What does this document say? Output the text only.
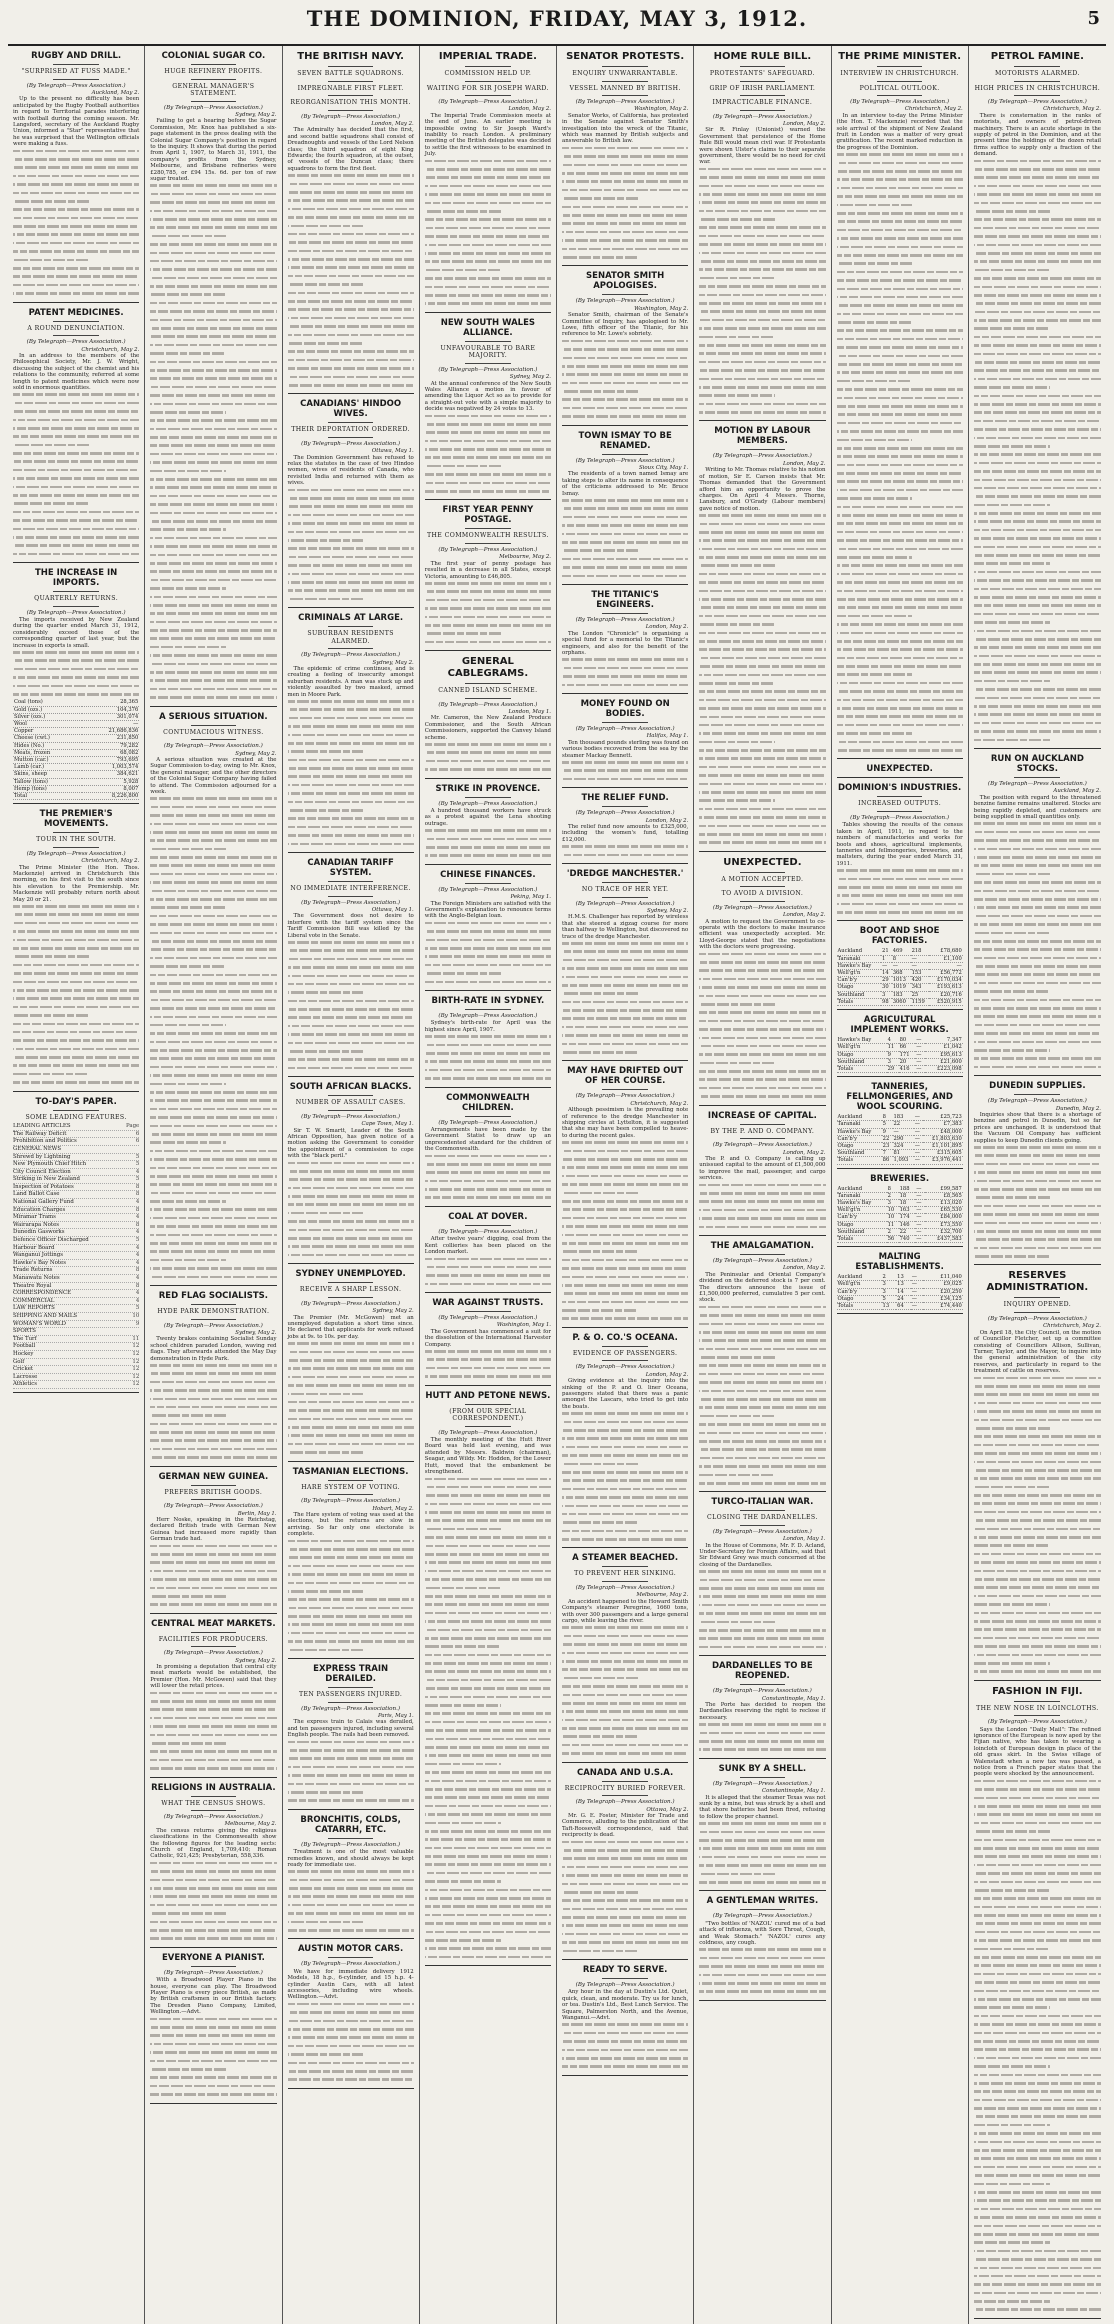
THE DOMINION, FRIDAY, MAY 3, 1912.	5
RUGBY AND DRILL.
"SURPRISED AT FUSS MADE."
(By Telegraph—Press Association.)
Auckland, May 2.
Up to the present no difficulty has been anticipated by the Rugby Football authorities in regard to Territorial parades interfering with football during the coming season. Mr. Langsford, secretary of the Auckland Rugby Union, informed a "Star" representative that he was surprised that the Wellington officials were making a fuss.
PATENT MEDICINES.
A ROUND DENUNCIATION.
(By Telegraph—Press Association.)
Christchurch, May 2.
In an address to the members of the Philosophical Society, Mr. J. W. Wright, discussing the subject of the chemist and his relations to the community, referred at some length to patent medicines which were now sold in enormous quantities.
THE INCREASE IN IMPORTS.
QUARTERLY RETURNS.
(By Telegraph—Press Association.)
The imports received by New Zealand during the quarter ended March 31, 1912, considerably exceed those of the corresponding quarter of last year, but the increase in exports is small.
Coal (tons)	28,365
Gold (ozs.)	104,376
Silver (ozs.)	301,074
Wool	—
Copper	21,686,836
Cheese (cwt.)	231,850
Hides (No.)	79,282
Meats, frozen	68,082
Mutton (car.)	793,695
Lamb (car.)	1,003,574
Skins, sheep	384,621
Tallow (tons)	5,928
Hemp (tons)	8,007
Total	8,226,800
THE PREMIER'S MOVEMENTS.
TOUR IN THE SOUTH.
(By Telegraph—Press Association.)
Christchurch, May 2.
The Prime Minister (the Hon. Thos. Mackenzie) arrived in Christchurch this morning, on his first visit to the south since his elevation to the Premiership. Mr. Mackenzie will probably return north about May 20 or 21.
TO-DAY'S PAPER.
SOME LEADING FEATURES.
LEADING ARTICLES	Page
The Railway Deficit	6
Prohibition and Politics	6
GENERAL NEWS
Shrewd by Lightning	5
New Plymouth Chief Hitch	5
City Council Election	4
Striking in New Zealand	5
Inspection of Potatoes	8
Land Ballot Case	8
National Gallery Fund	4
Education Charges	8
Miramar Trams	4
Wairarapa Notes	8
Dunedin Gasworks	4
Defence Officer Discharged	5
Harbour Board	4
Wanganui Jottings	4
Hawke's Bay Notes	4
Trade Returns	8
Manawatu Notes	4
Theatre Royal	8
CORRESPONDENCE	4
COMMERCIAL	4
LAW REPORTS	5
SHIPPING AND MAILS	10
WOMAN'S WORLD	9
SPORTS
The Turf	11
Football	12
Hockey	12
Golf	12
Cricket	12
Lacrosse	12
Athletics	12
COLONIAL SUGAR CO.
HUGE REFINERY PROFITS.
GENERAL MANAGER'S STATEMENT.
(By Telegraph—Press Association.)
Sydney, May 2.
Failing to get a hearing before the Sugar Commission, Mr. Knox has published a six-page statement in the press dealing with the Colonial Sugar Company's position in regard to the inquiry. It shows that during the period from April 1, 1907, to March 31, 1911, the company's profits from the Sydney, Melbourne, and Brisbane refineries were £280,785, or £94 15s. 6d. per ton of raw sugar treated.
A SERIOUS SITUATION.
CONTUMACIOUS WITNESS.
(By Telegraph—Press Association.)
Sydney, May 2.
A serious situation was created at the Sugar Commission to-day, owing to Mr. Knox, the general manager, and the other directors of the Colonial Sugar Company having failed to attend. The Commission adjourned for a week.
RED FLAG SOCIALISTS.
HYDE PARK DEMONSTRATION.
(By Telegraph—Press Association.)
Sydney, May 2.
Twenty brakes containing Socialist Sunday school children paraded London, waving red flags. They afterwards attended the May Day demonstration in Hyde Park.
GERMAN NEW GUINEA.
PREFERS BRITISH GOODS.
(By Telegraph—Press Association.)
Berlin, May 1.
Herr Noske, speaking in the Reichstag, declared British trade with German New Guinea had increased more rapidly than German trade had.
CENTRAL MEAT MARKETS.
FACILITIES FOR PRODUCERS.
(By Telegraph—Press Association.)
Sydney, May 2.
In promising a deputation that central city meat markets would be established, the Premier (Hon. Mr. McGowen) said that they will lower the retail prices.
RELIGIONS IN AUSTRALIA.
WHAT THE CENSUS SHOWS.
(By Telegraph—Press Association.)
Melbourne, May 2.
The census returns giving the religious classifications in the Commonwealth show the following figures for the leading sects: Church of England, 1,709,410; Roman Catholic, 921,425; Presbyterian, 558,336.
EVERYONE A PIANIST.
(By Telegraph—Press Association.)
With a Broadwood Player Piano in the house, everyone can play. The Broadwood Player Piano is every piece British, as made by British craftsmen in our British factory. The Dresden Piano Company, Limited, Wellington.—Advt.
THE BRITISH NAVY.
SEVEN BATTLE SQUADRONS.
IMPREGNABLE FIRST FLEET.
REORGANISATION THIS MONTH.
(By Telegraph—Press Association.)
London, May 2.
The Admiralty has decided that the first, and second battle squadrons shall consist of Dreadnoughts and vessels of the Lord Nelson class; the third squadron of eight King Edwards; the fourth squadron, at the outset, of vessels of the Duncan class; there squadrons to form the first fleet.
CANADIANS' HINDOO WIVES.
THEIR DEPORTATION ORDERED.
(By Telegraph—Press Association.)
Ottawa, May 1.
The Dominion Government has refused to relax the statutes in the case of two Hindoo women, wives of residents of Canada, who revisited India and returned with them as wives.
CRIMINALS AT LARGE.
SUBURBAN RESIDENTS ALARMED.
(By Telegraph—Press Association.)
Sydney, May 2.
The epidemic of crime continues, and is creating a feeling of insecurity amongst suburban residents. A man was stuck up and violently assaulted by two masked, armed men in Moore Park.
CANADIAN TARIFF SYSTEM.
NO IMMEDIATE INTERFERENCE.
(By Telegraph—Press Association.)
Ottawa, May 1.
The Government does not desire to interfere with the tariff system since the Tariff Commission Bill was killed by the Liberal vote in the Senate.
SOUTH AFRICAN BLACKS.
NUMBER OF ASSAULT CASES.
(By Telegraph—Press Association.)
Cape Town, May 1.
Sir T. W. Smartt, Leader of the South African Opposition, has given notice of a motion asking the Government to consider the appointment of a commission to cope with the "black peril."
SYDNEY UNEMPLOYED.
RECEIVE A SHARP LESSON.
(By Telegraph—Press Association.)
Sydney, May 2.
The Premier (Mr. McGowen) met an unemployed deputation a short time since. He declared that applicants for work refused jobs at 9s. to 10s. per day.
TASMANIAN ELECTIONS.
HARE SYSTEM OF VOTING.
(By Telegraph—Press Association.)
Hobart, May 2.
The Hare system of voting was used at the elections, but the returns are slow in arriving. So far only one electorate is complete.
EXPRESS TRAIN DERAILED.
TEN PASSENGERS INJURED.
(By Telegraph—Press Association.)
Paris, May 1.
The express train to Calais was derailed, and ten passengers injured, including several English people. The rails had been removed.
BRONCHITIS, COLDS, CATARRH, ETC.
(By Telegraph—Press Association.)
Treatment is one of the most valuable remedies known, and should always be kept ready for immediate use.
AUSTIN MOTOR CARS.
(By Telegraph—Press Association.)
We have for immediate delivery 1912 Models, 18 h.p., 6-cylinder, and 15 h.p. 4-cylinder Austin Cars, with all latest accessories, including wire wheels. Wellington.—Advt.
IMPERIAL TRADE.
COMMISSION HELD UP.
WAITING FOR SIR JOSEPH WARD.
(By Telegraph—Press Association.)
London, May 2.
The Imperial Trade Commission meets at the end of June. An earlier meeting is impossible owing to Sir Joseph Ward's inability to reach London. A preliminary meeting of the British delegates was decided to settle the first witnesses to be examined in July.
NEW SOUTH WALES ALLIANCE.
UNFAVOURABLE TO BARE MAJORITY.
(By Telegraph—Press Association.)
Sydney, May 2.
At the annual conference of the New South Wales Alliance a motion in favour of amending the Liquor Act so as to provide for a straight-out vote with a simple majority to decide was negatived by 24 votes to 13.
FIRST YEAR PENNY POSTAGE.
THE COMMONWEALTH RESULTS.
(By Telegraph—Press Association.)
Melbourne, May 2.
The first year of penny postage has resulted in a decrease in all States, except Victoria, amounting to £46,805.
GENERAL CABLEGRAMS.
CANNED ISLAND SCHEME.
(By Telegraph—Press Association.)
London, May 1.
Mr. Cameron, the New Zealand Produce Commissioner, and the South African Commissioners, supported the Canvey Island scheme.
STRIKE IN PROVENCE.
(By Telegraph—Press Association.)
A hundred thousand workers have struck as a protest against the Lena shooting outrage.
CHINESE FINANCES.
(By Telegraph—Press Association.)
Peking, May 1.
The Foreign Ministers are satisfied with the Government's explanation to renounce terms with the Anglo-Belgian loan.
BIRTH-RATE IN SYDNEY.
(By Telegraph—Press Association.)
Sydney's birth-rate for April was the highest since April, 1907.
COMMONWEALTH CHILDREN.
(By Telegraph—Press Association.)
Arrangements have been made by the Government Statist to draw up an unprecedented standard for the children of the Commonwealth.
COAL AT DOVER.
(By Telegraph—Press Association.)
After twelve years' digging, coal from the Kent collieries has been placed on the London market.
WAR AGAINST TRUSTS.
(By Telegraph—Press Association.)
Washington, May 1.
The Government has commenced a suit for the dissolution of the International Harvester Company.
HUTT AND PETONE NEWS.
(FROM OUR SPECIAL CORRESPONDENT.)
(By Telegraph—Press Association.)
The monthly meeting of the Hutt River Board was held last evening, and was attended by Messrs. Baldwin (chairman), Seagar, and Wildy. Mr. Hodden, for the Lower Hutt, moved that the embankment be strengthened.
SENATOR PROTESTS.
ENQUIRY UNWARRANTABLE.
VESSEL MANNED BY BRITISH.
(By Telegraph—Press Association.)
Washington, May 2.
Senator Works, of California, has protested in the Senate against Senator Smith's investigation into the wreck of the Titanic, which was manned by British subjects and answerable to British law.
SENATOR SMITH APOLOGISES.
(By Telegraph—Press Association.)
Washington, May 2.
Senator Smith, chairman of the Senate's Committee of Inquiry, has apologised to Mr. Lowe, fifth officer of the Titanic, for his reference to Mr. Lowe's sobriety.
TOWN ISMAY TO BE RENAMED.
(By Telegraph—Press Association.)
Sioux City, May 1.
The residents of a town named Ismay are taking steps to alter its name in consequence of the criticisms addressed to Mr. Bruce Ismay.
THE TITANIC'S ENGINEERS.
(By Telegraph—Press Association.)
London, May 2.
The London "Chronicle" is organising a special fund for a memorial to the Titanic's engineers, and also for the benefit of the orphans.
MONEY FOUND ON BODIES.
(By Telegraph—Press Association.)
Halifax, May 1.
Ten thousand pounds sterling was found on various bodies recovered from the sea by the steamer Mackay Bennett.
THE RELIEF FUND.
(By Telegraph—Press Association.)
London, May 2.
The relief fund now amounts to £325,000, including the women's fund, totalling £12,000.
'DREDGE MANCHESTER.'
NO TRACE OF HER YET.
(By Telegraph—Press Association.)
Sydney, May 2.
H.M.S. Challenger has reported by wireless that she steered a zigzag course for more than halfway to Wellington, but discovered no trace of the dredge Manchester.
MAY HAVE DRIFTED OUT OF HER COURSE.
(By Telegraph—Press Association.)
Christchurch, May 2.
Although pessimism is the prevailing note of reference to the dredge Manchester in shipping circles at Lyttelton, it is suggested that she may have been compelled to heave-to during the recent gales.
P. & O. CO.'S OCEANA.
EVIDENCE OF PASSENGERS.
(By Telegraph—Press Association.)
London, May 2.
Giving evidence at the inquiry into the sinking of the P. and O. liner Oceana, passengers stated that there was a panic amongst the Lascars, who tried to get into the boats.
A STEAMER BEACHED.
TO PREVENT HER SINKING.
(By Telegraph—Press Association.)
Melbourne, May 2.
An accident happened to the Howard Smith Company's steamer Peregrine, 1660 tons, with over 300 passengers and a large general cargo, while leaving the river.
CANADA AND U.S.A.
RECIPROCITY BURIED FOREVER.
(By Telegraph—Press Association.)
Ottawa, May 2.
Mr. G. E. Foster, Minister for Trade and Commerce, alluding to the publication of the Taft-Roosevelt correspondence, said that reciprocity is dead.
READY TO SERVE.
(By Telegraph—Press Association.)
Any hour in the day at Dustin's Ltd. Quiet, quick, clean, and moderate. Try us for lunch, or tea. Dustin's Ltd., Best Lunch Service. The Square, Palmerston North, and the Avenue, Wanganui.—Advt.
HOME RULE BILL.
PROTESTANTS' SAFEGUARD.
GRIP OF IRISH PARLIAMENT.
IMPRACTICABLE FINANCE.
(By Telegraph—Press Association.)
London, May 2.
Sir R. Finlay (Unionist) warned the Government that persistence of the Home Rule Bill would mean civil war. If Protestants were shown Ulster's claims to their separate government, there would be no need for civil war.
MOTION BY LABOUR MEMBERS.
(By Telegraph—Press Association.)
London, May 2.
Writing to Mr. Thomas relative to his notion of motion, Sir E. Carson insists that Mr. Thomas demanded that the Government afford him an opportunity to prove the charges. On April 4 Messrs. Thorne, Lansbury, and O'Grady (Labour members) gave notice of motion.
UNEXPECTED.
A MOTION ACCEPTED.
TO AVOID A DIVISION.
(By Telegraph—Press Association.)
London, May 2.
A motion to request the Government to co-operate with the doctors to make insurance efficient was unexpectedly accepted. Mr. Lloyd-George stated that the negotiations with the doctors were progressing.
INCREASE OF CAPITAL.
BY THE P. AND O. COMPANY.
(By Telegraph—Press Association.)
London, May 2.
The P. and O. Company is calling up unissued capital to the amount of £1,500,000 to improve the mail, passenger, and cargo services.
THE AMALGAMATION.
(By Telegraph—Press Association.)
London, May 2.
The Peninsular and Oriental Company's dividend on the deferred stock is 7 per cent. The directors announce the issue of £1,500,000 preferred, cumulative 5 per cent. stock.
TURCO-ITALIAN WAR.
CLOSING THE DARDANELLES.
(By Telegraph—Press Association.)
London, May 1.
In the House of Commons, Mr. F. D. Acland, Under-Secretary for Foreign Affairs, said that Sir Edward Grey was much concerned at the closing of the Dardanelles.
DARDANELLES TO BE REOPENED.
(By Telegraph—Press Association.)
Constantinople, May 1.
The Porte has decided to reopen the Dardanelles reserving the right to reclose if necessary.
SUNK BY A SHELL.
(By Telegraph—Press Association.)
Constantinople, May 1.
It is alleged that the steamer Texas was not sunk by a mine, but was struck by a shell and that shore batteries had been fired, refusing to follow the proper channel.
A GENTLEMAN WRITES.
(By Telegraph—Press Association.)
"Two bottles of 'NAZOL' cured me of a bad attack of influenza, with Sore Throat, Cough, and Weak Stomach." 'NAZOL' cures any coldness, any cough.
THE PRIME MINISTER.
INTERVIEW IN CHRISTCHURCH.
POLITICAL OUTLOOK.
(By Telegraph—Press Association.)
Christchurch, May 2.
In an interview to-day the Prime Minister (the Hon. T. Mackenzie) recorded that the sole arrival of the shipment of New Zealand fruit in London was a matter of very great gratification. The recent marked reduction in the progress of the Dominion.
UNEXPECTED.
DOMINION'S INDUSTRIES.
INCREASED OUTPUTS.
(By Telegraph—Press Association.)
Tables showing the results of the census taken in April, 1911, in regard to the numbers of manufactories and works for boots and shoes, agricultural implements, tanneries and fellmongeries, breweries, and maltsters, during the year ended March 31, 1911.
BOOT AND SHOE FACTORIES.
Auckland	21	469	218	£78,680
Taranaki	1	8	—	£1,100
Hawke's Bay	—	—	—	—
Well'gt'n	14	368	153	£56,772
Can'b'y	29	1013	420	£170,034
Otago	30	1019	343	£193,613
Southland	3	183	25	£20,716
Totals	98	3060	1159	£520,915
AGRICULTURAL IMPLEMENT WORKS.
Hawke's Bay	4	80	—	7,347
Well'gt'n	11	66	—	£1,042
Otago	9	171	—	£95,613
Southland	3	20	—	£21,600
Totals	29	416	—	£223,098
TANNERIES, FELLMONGERIES, AND WOOL SCOURING.
Auckland	8	183	—	£25,723
Taranaki	5	22	—	£7,383
Hawke's Bay	9	—	—	£48,000
Can'b'y	22	290	—	£1,803,630
Otago	23	324	—	£1,101,895
Southland	7	81	—	£315,605
Totals	86	1,093	—	£3,976,441
BREWERIES.
Auckland	8	188	—	£99,587
Taranaki	2	18	—	£8,565
Hawke's Bay	3	18	—	£13,020
Well'gt'n	10	163	—	£65,530
Can'b'y	10	174	—	£84,000
Otago	11	146	—	£73,550
Southland	2	22	—	£32,700
Totals	56	740	—	£437,583
MALTING ESTABLISHMENTS.
Auckland	2	13	—	£11,040
Well'gt'n	3	13	—	£9,025
Can'b'y	3	14	—	£20,250
Otago	5	24	—	£34,125
Totals	13	64	—	£74,440
PETROL FAMINE.
MOTORISTS ALARMED.
HIGH PRICES IN CHRISTCHURCH.
(By Telegraph—Press Association.)
Christchurch, May 2.
There is consternation in the ranks of motorists, and owners of petrol-driven machinery. There is an acute shortage in the supply of petrol in the Dominion, and at the present time the holdings of the dozen retail firms suffice to supply only a fraction of the demand.
RUN ON AUCKLAND STOCKS.
(By Telegraph—Press Association.)
Auckland, May 2.
The position with regard to the threatened benzine famine remains unaltered. Stocks are being rapidly depleted, and customers are being supplied in small quantities only.
DUNEDIN SUPPLIES.
(By Telegraph—Press Association.)
Dunedin, May 2.
Inquiries show that there is a shortage of benzine and petrol in Dunedin, but so far prices are unchanged. It is understood that the Vacuum Oil Company has sufficient supplies to keep Dunedin clients going.
RESERVES ADMINISTRATION.
INQUIRY OPENED.
(By Telegraph—Press Association.)
Christchurch, May 2.
On April 18, the City Council, on the motion of Councillor Fletcher, set up a committee consisting of Councillors Allison, Sullivan, Turner, Taylor, and the Mayor, to inquire into the general administration of the city reserves, and particularly in regard to the treatment of cattle on reserves.
FASHION IN FIJI.
THE NEW NOSE IN LOINCLOTHS.
(By Telegraph—Press Association.)
Says the London "Daily Mail": The refined ignorance of the European is now aped by the Fijian native, who has taken to wearing a loincloth of European design in place of the old grass skirt. In the Swiss village of Walenstadt when a new tax was passed, a notice from a French paper states that the people were shocked by the announcement.
